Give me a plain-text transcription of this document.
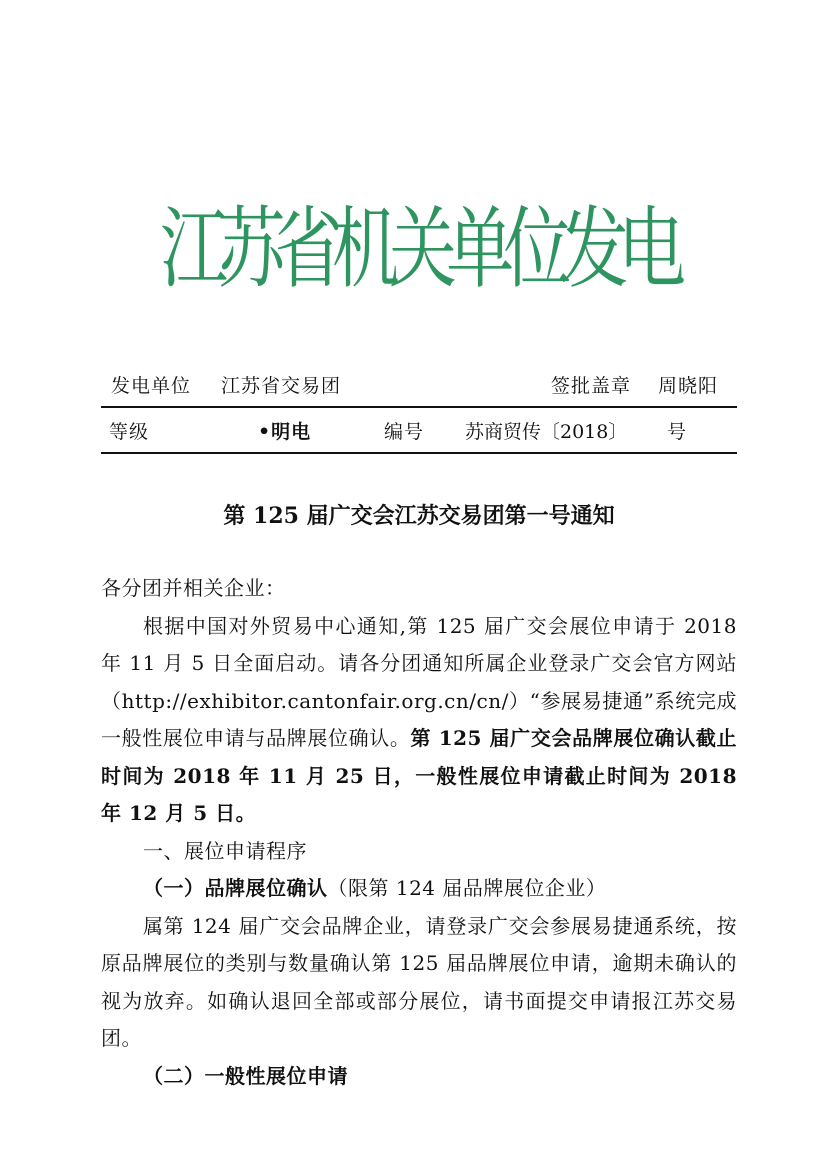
江
苏
省
机
关
单
位
发
电
发电单位 江苏省交易团	签批盖章 周晓阳
等级	•明电	编号 苏商贸传〔2018〕 号
第 125 届广交会江苏交易团第一号通知

各分团并相关企业：

根据中国对外贸易中心通知,第 125 届广交会展位申请于 2018 年 11 月 5 日全面启动。请各分团通知所属企业登录广交会官方网站（http://exhibitor.cantonfair.org.cn/cn/）“参展易捷通”系统完成一般性展位申请与品牌展位确认。第 125 届广交会品牌展位确认截止时间为 2018 年 11 月 25 日，一般性展位申请截止时间为 2018 年 12 月 5 日。

一、展位申请程序

（一）品牌展位确认（限第 124 届品牌展位企业）

属第 124 届广交会品牌企业，请登录广交会参展易捷通系统，按原品牌展位的类别与数量确认第 125 届品牌展位申请，逾期未确认的视为放弃。如确认退回全部或部分展位，请书面提交申请报江苏交易团。

（二）一般性展位申请
